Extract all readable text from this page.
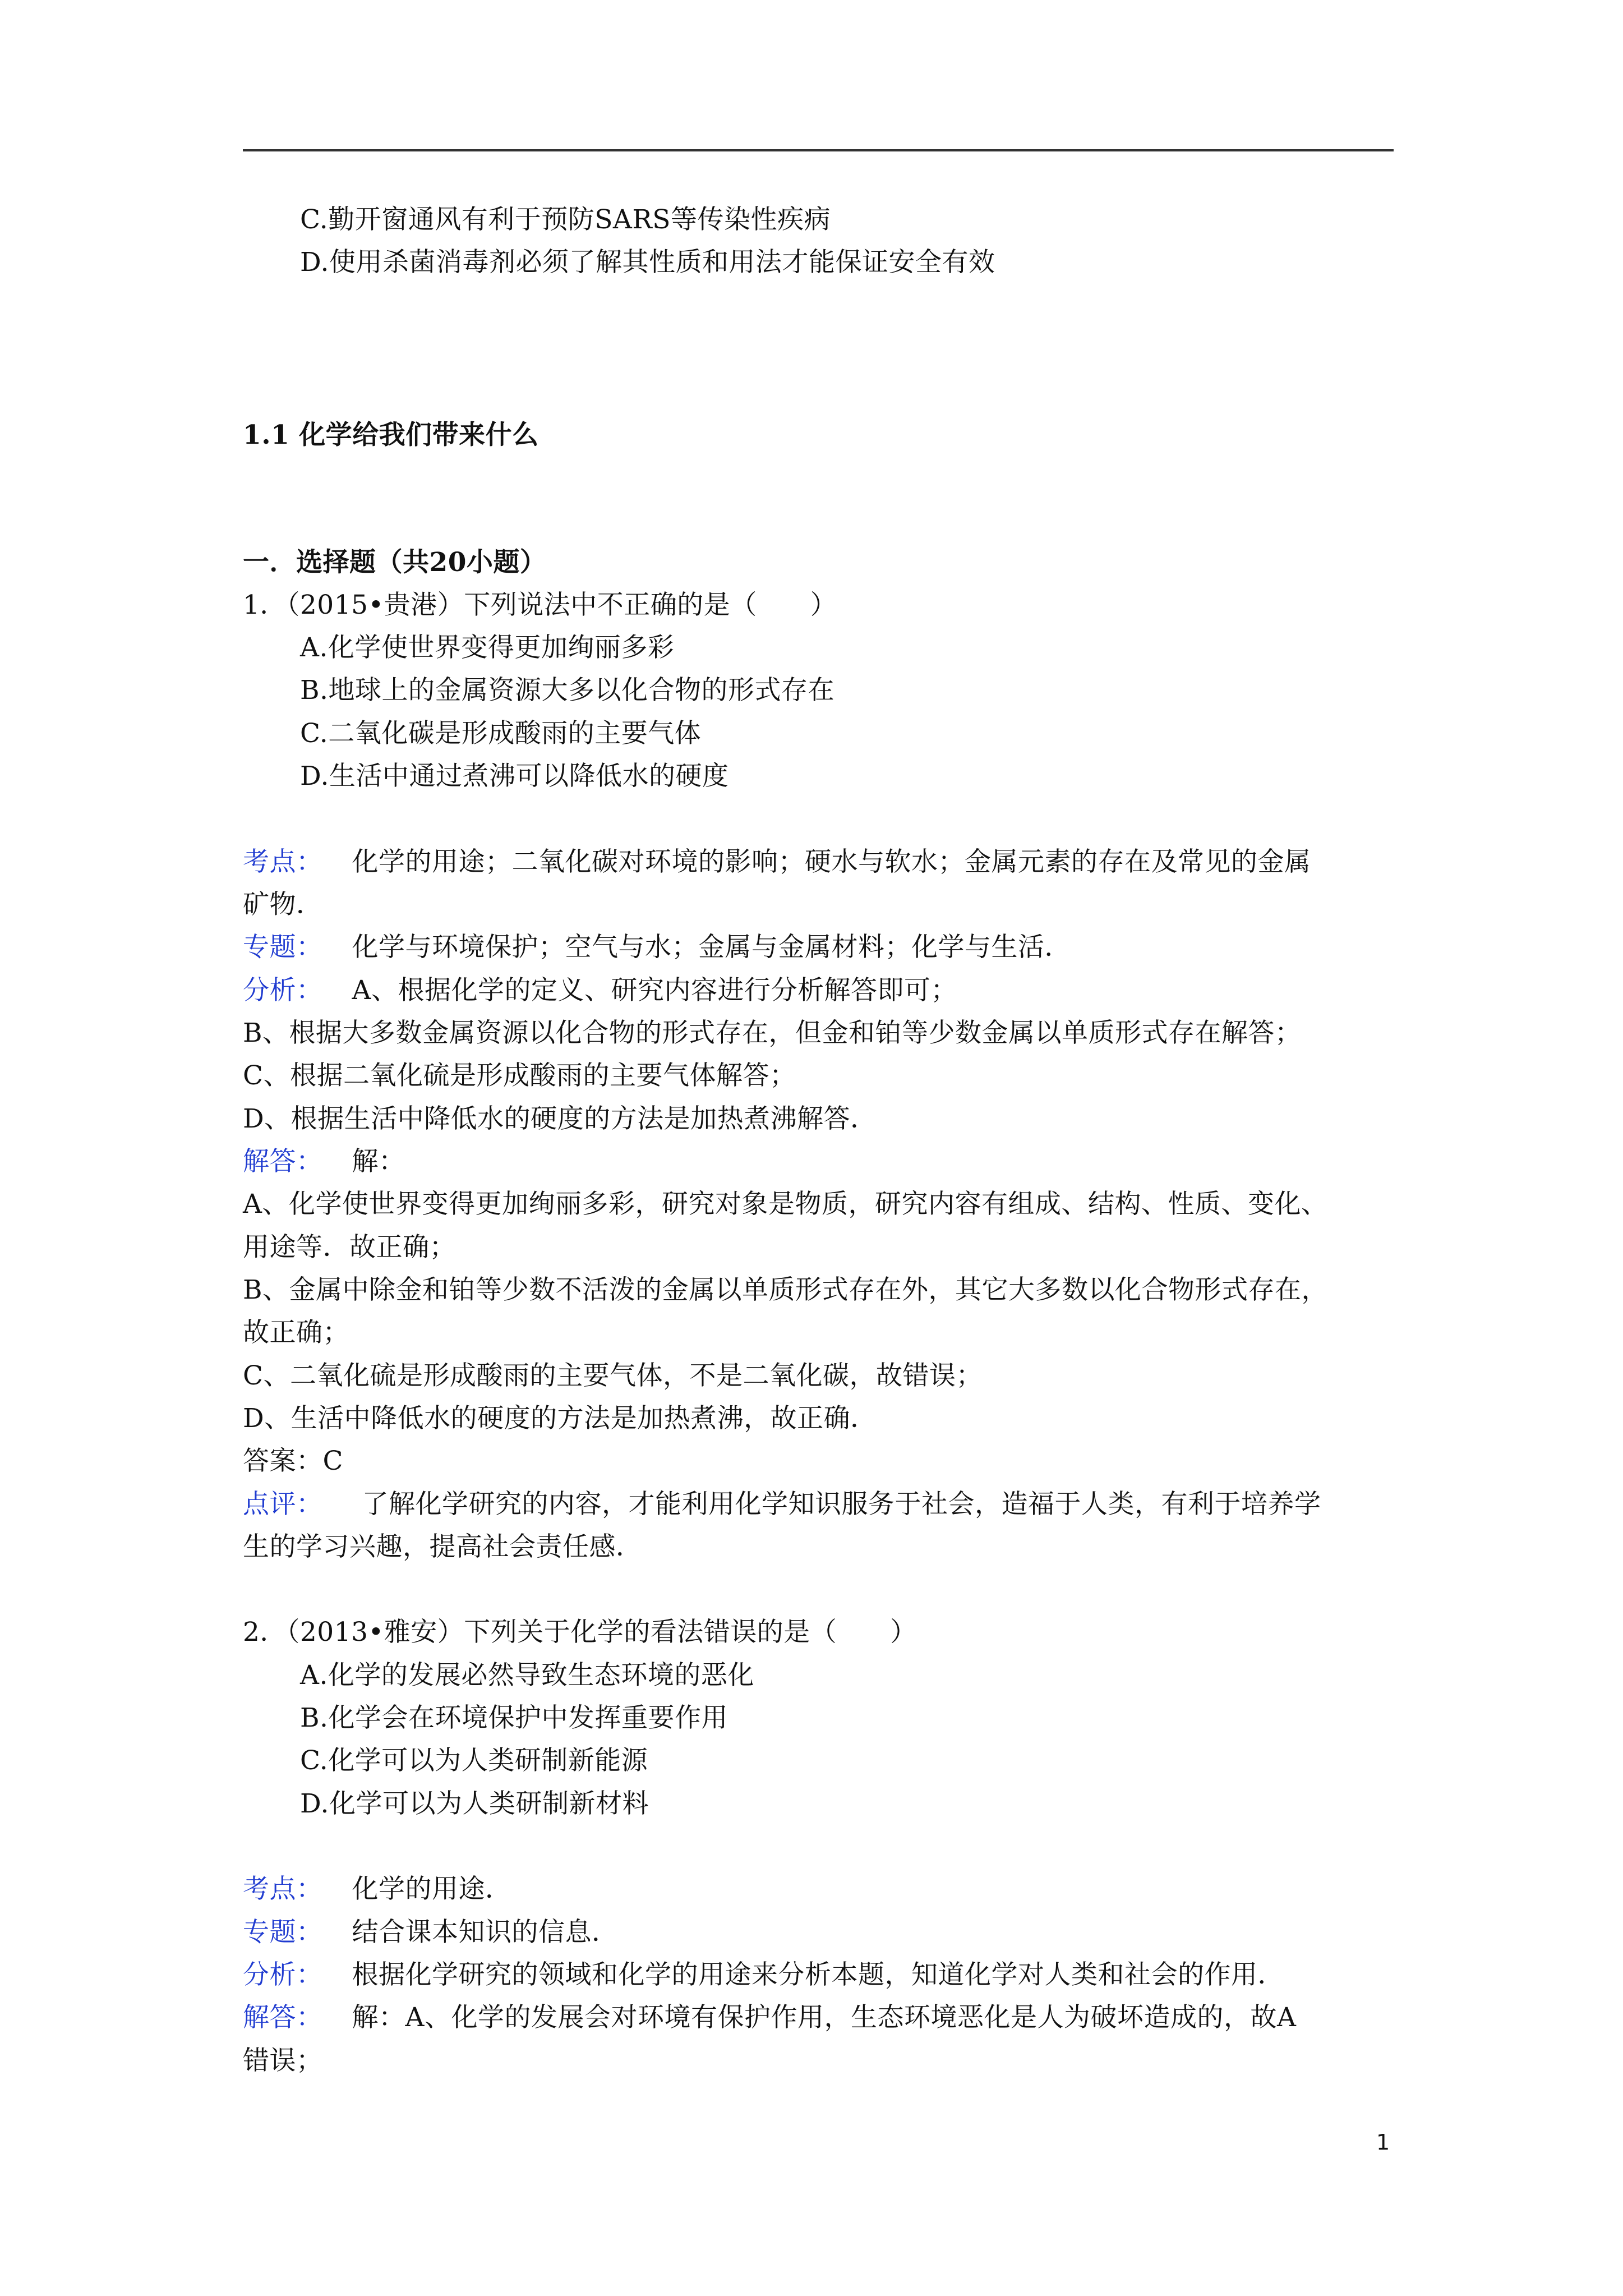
C.勤开窗通风有利于预防SARS等传染性疾病
D.使用杀菌消毒剂必须了解其性质和用法才能保证安全有效
1.1 化学给我们带来什么
一．选择题（共20小题）
1．（2015•贵港）下列说法中不正确的是（　　）
A.化学使世界变得更加绚丽多彩
B.地球上的金属资源大多以化合物的形式存在
C.二氧化碳是形成酸雨的主要气体
D.生活中通过煮沸可以降低水的硬度
考点： 化学的用途；二氧化碳对环境的影响；硬水与软水；金属元素的存在及常见的金属
矿物．
专题： 化学与环境保护；空气与水；金属与金属材料；化学与生活．
分析： A、根据化学的定义、研究内容进行分析解答即可；
B、根据大多数金属资源以化合物的形式存在，但金和铂等少数金属以单质形式存在解答；
C、根据二氧化硫是形成酸雨的主要气体解答；
D、根据生活中降低水的硬度的方法是加热煮沸解答．
解答： 解：
A、化学使世界变得更加绚丽多彩，研究对象是物质，研究内容有组成、结构、性质、变化、
用途等．故正确；
B、金属中除金和铂等少数不活泼的金属以单质形式存在外，其它大多数以化合物形式存在，
故正确；
C、二氧化硫是形成酸雨的主要气体，不是二氧化碳，故错误；
D、生活中降低水的硬度的方法是加热煮沸，故正确．
答案：C
点评： 了解化学研究的内容，才能利用化学知识服务于社会，造福于人类，有利于培养学
生的学习兴趣，提高社会责任感．
2．（2013•雅安）下列关于化学的看法错误的是（　　）
A.化学的发展必然导致生态环境的恶化
B.化学会在环境保护中发挥重要作用
C.化学可以为人类研制新能源
D.化学可以为人类研制新材料
考点： 化学的用途．
专题： 结合课本知识的信息．
分析： 根据化学研究的领域和化学的用途来分析本题，知道化学对人类和社会的作用．
解答： 解：A、化学的发展会对环境有保护作用，生态环境恶化是人为破坏造成的，故A
错误；
1
